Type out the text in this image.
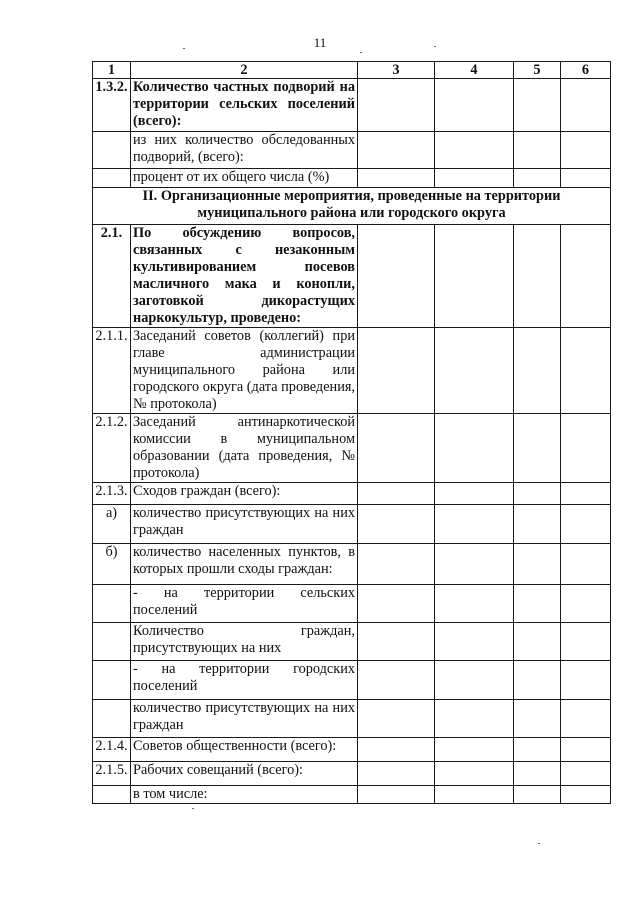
11
1	2	3	4	5	6
1.3.2.	Количество частных подворий на территории сельских поселений (всего):				
	из них количество обследованных подворий, (всего):				
	процент от их общего числа (%)				
II. Организационные мероприятия, проведенные на территории муниципального района или городского округа					
2.1.	По обсуждению вопросов, связанных с незаконным культивированием посевов масличного мака и конопли, заготовкой дикорастущих наркокультур, проведено:				
2.1.1.	Заседаний советов (коллегий) при главе администрации муниципального района или городского округа (дата проведения, № протокола)				
2.1.2.	Заседаний антинаркотической комиссии в муниципальном образовании (дата проведения, № протокола)				
2.1.3.	Сходов граждан (всего):				
а)	количество присутствующих на них граждан				
б)	количество населенных пунктов, в которых прошли сходы граждан:				
	- на территории сельских поселений				
	Количество граждан, присутствующих на них				
	- на территории городских поселений				
	количество присутствующих на них граждан				
2.1.4.	Советов общественности (всего):				
2.1.5.	Рабочих совещаний (всего):				
	в том числе:				
